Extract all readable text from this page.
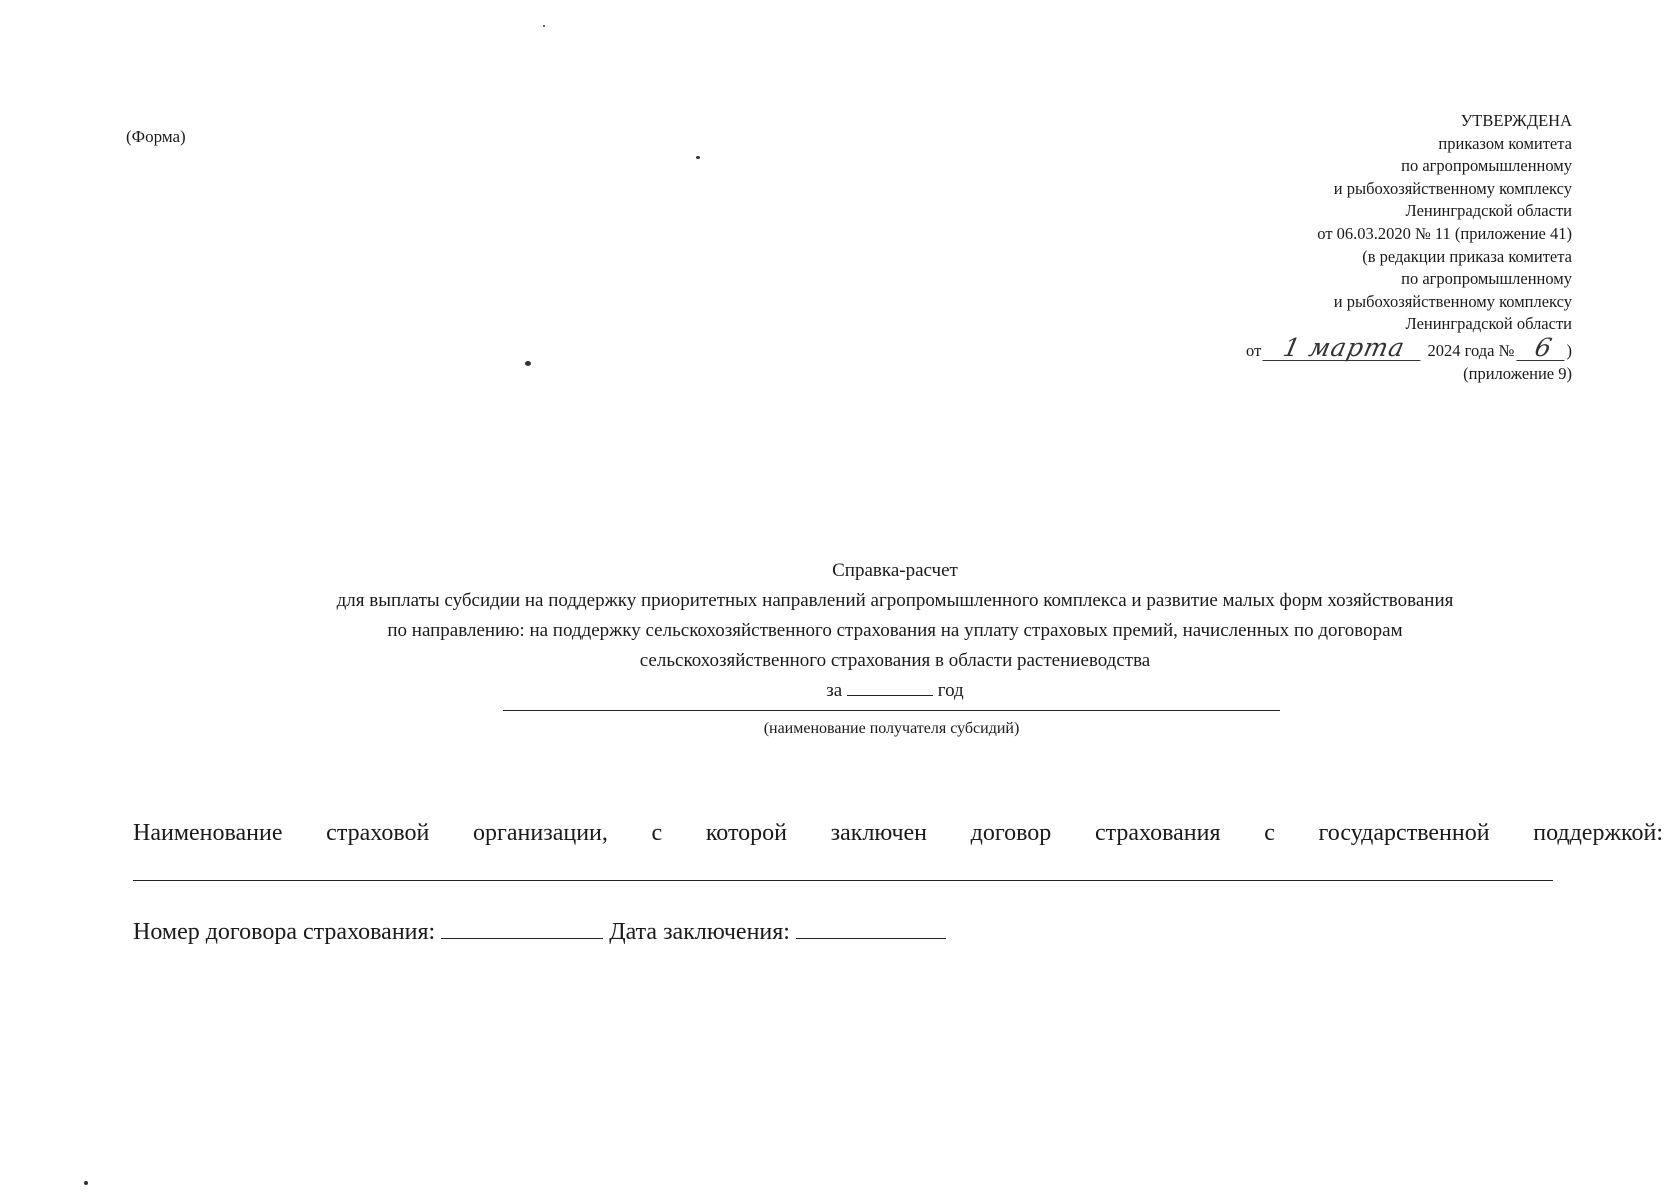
(Форма)
УТВЕРЖДЕНА
приказом комитета
по агропромышленному
и рыбохозяйственному комплексу
Ленинградской области
от 06.03.2020 № 11 (приложение 41)
(в редакции приказа комитета
по агропромышленному
и рыбохозяйственному комплексу
Ленинградской области
от 1 марта 2024 года № 6 )
(приложение 9)
Справка-расчет
для выплаты субсидии на поддержку приоритетных направлений агропромышленного комплекса и развитие малых форм хозяйствования
по направлению: на поддержку сельскохозяйственного страхования на уплату страховых премий, начисленных по договорам
сельскохозяйственного страхования в области растениеводства
за	год
(наименование получателя субсидий)
Наименование страховой организации, с которой заключен договор страхования с государственной поддержкой:
Номер договора страхования:	Дата заключения:
